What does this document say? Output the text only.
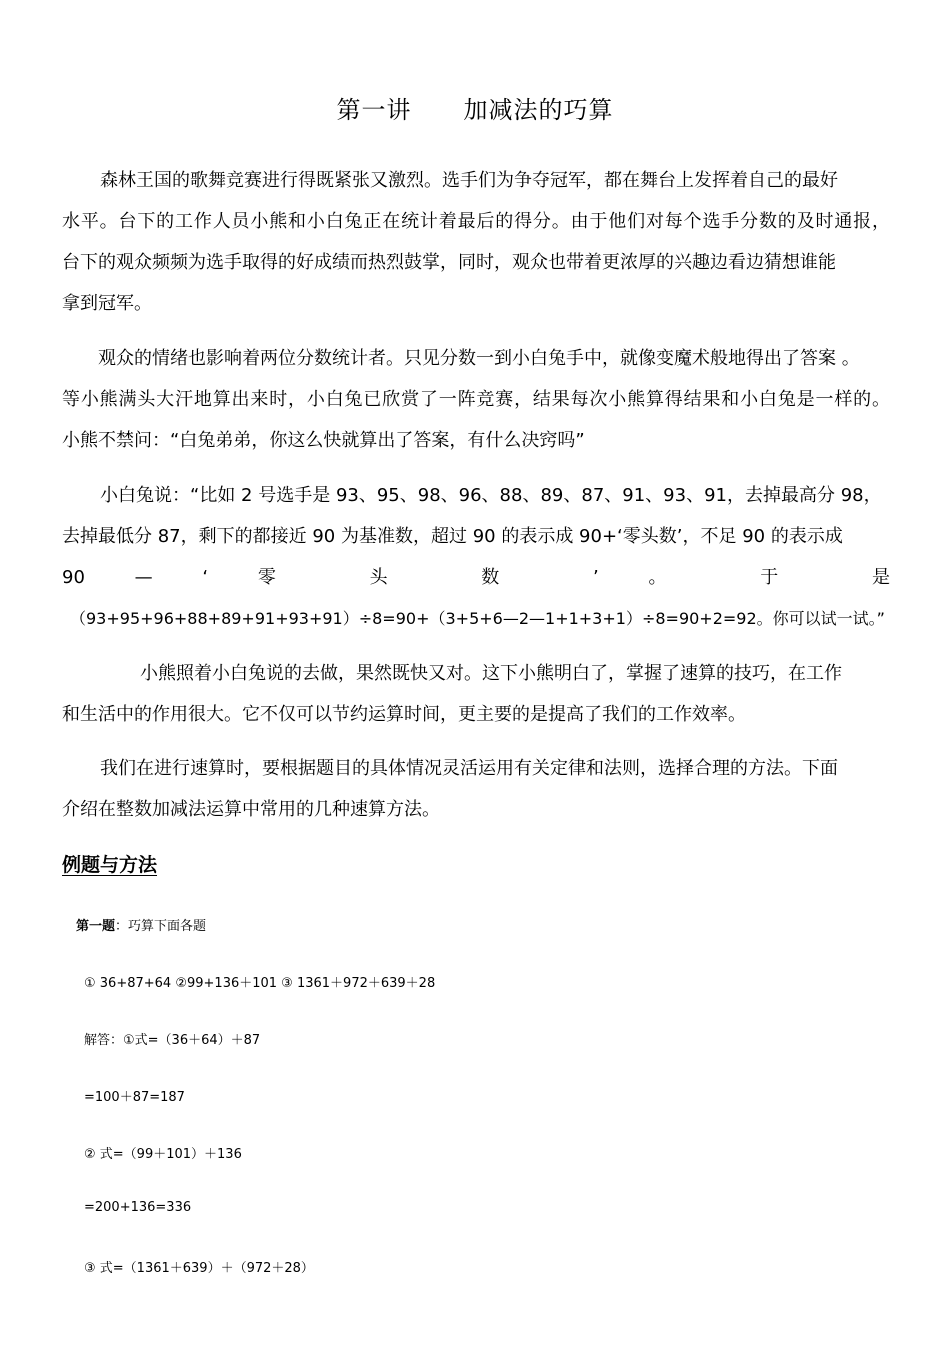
第一讲 加减法的巧算
森林王国的歌舞竞赛进行得既紧张又激烈。选手们为争夺冠军，都在舞台上发挥着自己的最好
水平。台下的工作人员小熊和小白兔正在统计着最后的得分。由于他们对每个选手分数的及时通报，
台下的观众频频为选手取得的好成绩而热烈鼓掌，同时，观众也带着更浓厚的兴趣边看边猜想谁能
拿到冠军。
观众的情绪也影响着两位分数统计者。只见分数一到小白兔手中，就像变魔术般地得出了答案 。
等小熊满头大汗地算出来时，小白兔已欣赏了一阵竞赛，结果每次小熊算得结果和小白兔是一样的。
小熊不禁问：“白兔弟弟，你这么快就算出了答案，有什么决窍吗”
小白兔说：“比如 2 号选手是 93、95、98、96、88、89、87、91、93、91，去掉最高分 98，
去掉最低分 87，剩下的都接近 90 为基准数，超过 90 的表示成 90+‘零头数’，不足 90 的表示成
90 — ‘ 零 头 数 ’ 。 于 是
（93+95+96+88+89+91+93+91）÷8=90+（3+5+6—2—1+1+3+1）÷8=90+2=92。你可以试一试。”
小熊照着小白兔说的去做，果然既快又对。这下小熊明白了，掌握了速算的技巧，在工作
和生活中的作用很大。它不仅可以节约运算时间，更主要的是提高了我们的工作效率。
我们在进行速算时，要根据题目的具体情况灵活运用有关定律和法则，选择合理的方法。下面
介绍在整数加减法运算中常用的几种速算方法。
例题与方法
第一题：巧算下面各题
① 36+87+64 ②99+136＋101 ③ 1361＋972＋639＋28
解答：①式=（36＋64）＋87
=100＋87=187
② 式=（99＋101）＋136
=200+136=336
③ 式=（1361＋639）＋（972＋28）
